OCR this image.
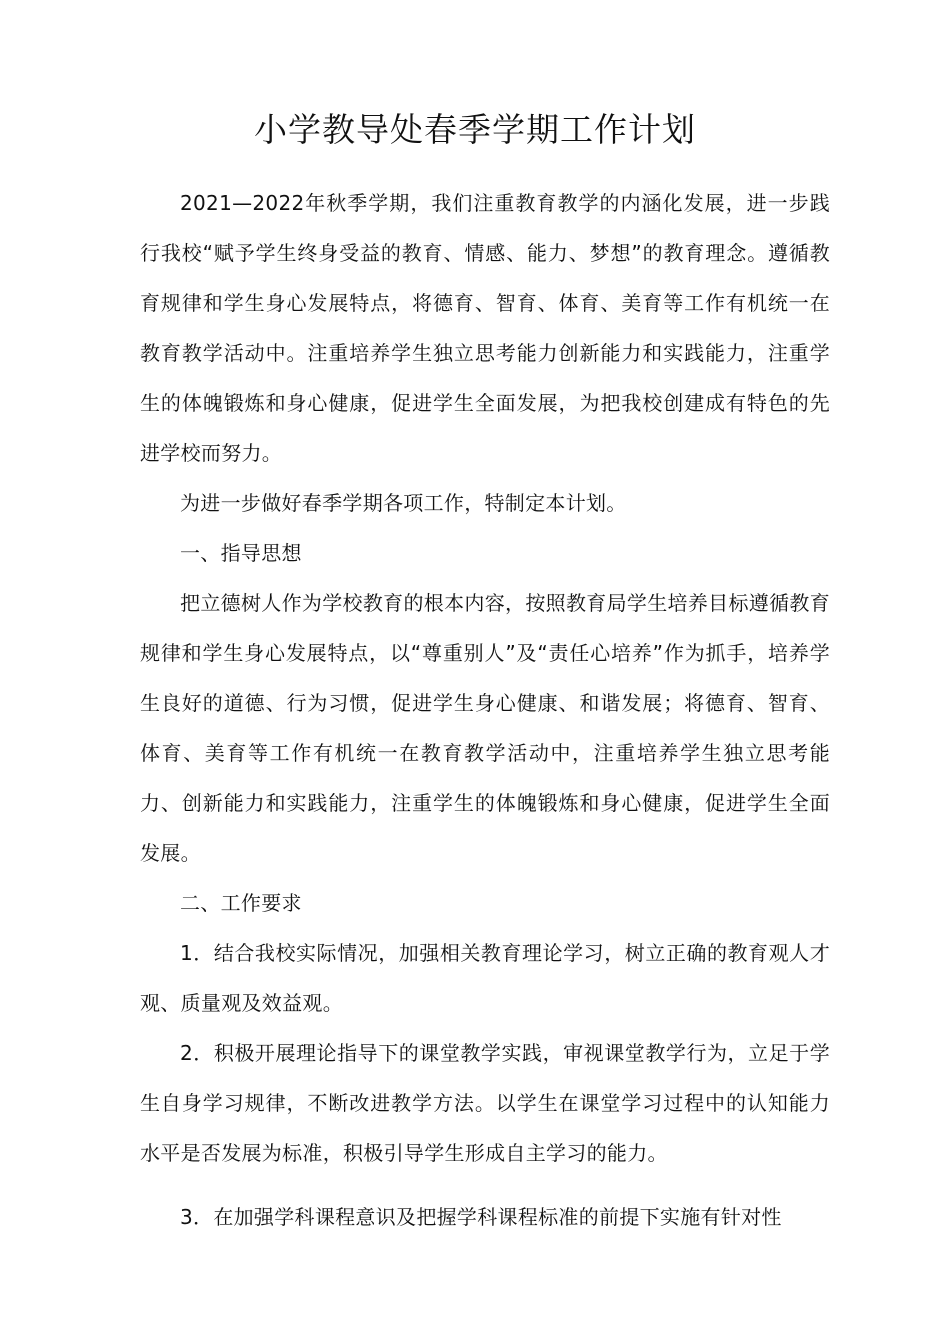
小学教导处春季学期工作计划

2021—2022年秋季学期，我们注重教育教学的内涵化发展，进一步践行我校“赋予学生终身受益的教育、情感、能力、梦想”的教育理念。遵循教育规律和学生身心发展特点，将德育、智育、体育、美育等工作有机统一在教育教学活动中。注重培养学生独立思考能力创新能力和实践能力，注重学生的体魄锻炼和身心健康，促进学生全面发展，为把我校创建成有特色的先进学校而努力。

为进一步做好春季学期各项工作，特制定本计划。

一、指导思想

把立德树人作为学校教育的根本内容，按照教育局学生培养目标遵循教育规律和学生身心发展特点，以“尊重别人”及“责任心培养”作为抓手，培养学生良好的道德、行为习惯，促进学生身心健康、和谐发展；将德育、智育、体育、美育等工作有机统一在教育教学活动中，注重培养学生独立思考能力、创新能力和实践能力，注重学生的体魄锻炼和身心健康，促进学生全面发展。

二、工作要求

1．结合我校实际情况，加强相关教育理论学习，树立正确的教育观人才观、质量观及效益观。

2．积极开展理论指导下的课堂教学实践，审视课堂教学行为，立足于学生自身学习规律，不断改进教学方法。以学生在课堂学习过程中的认知能力水平是否发展为标准，积极引导学生形成自主学习的能力。

3．在加强学科课程意识及把握学科课程标准的前提下实施有针对性
